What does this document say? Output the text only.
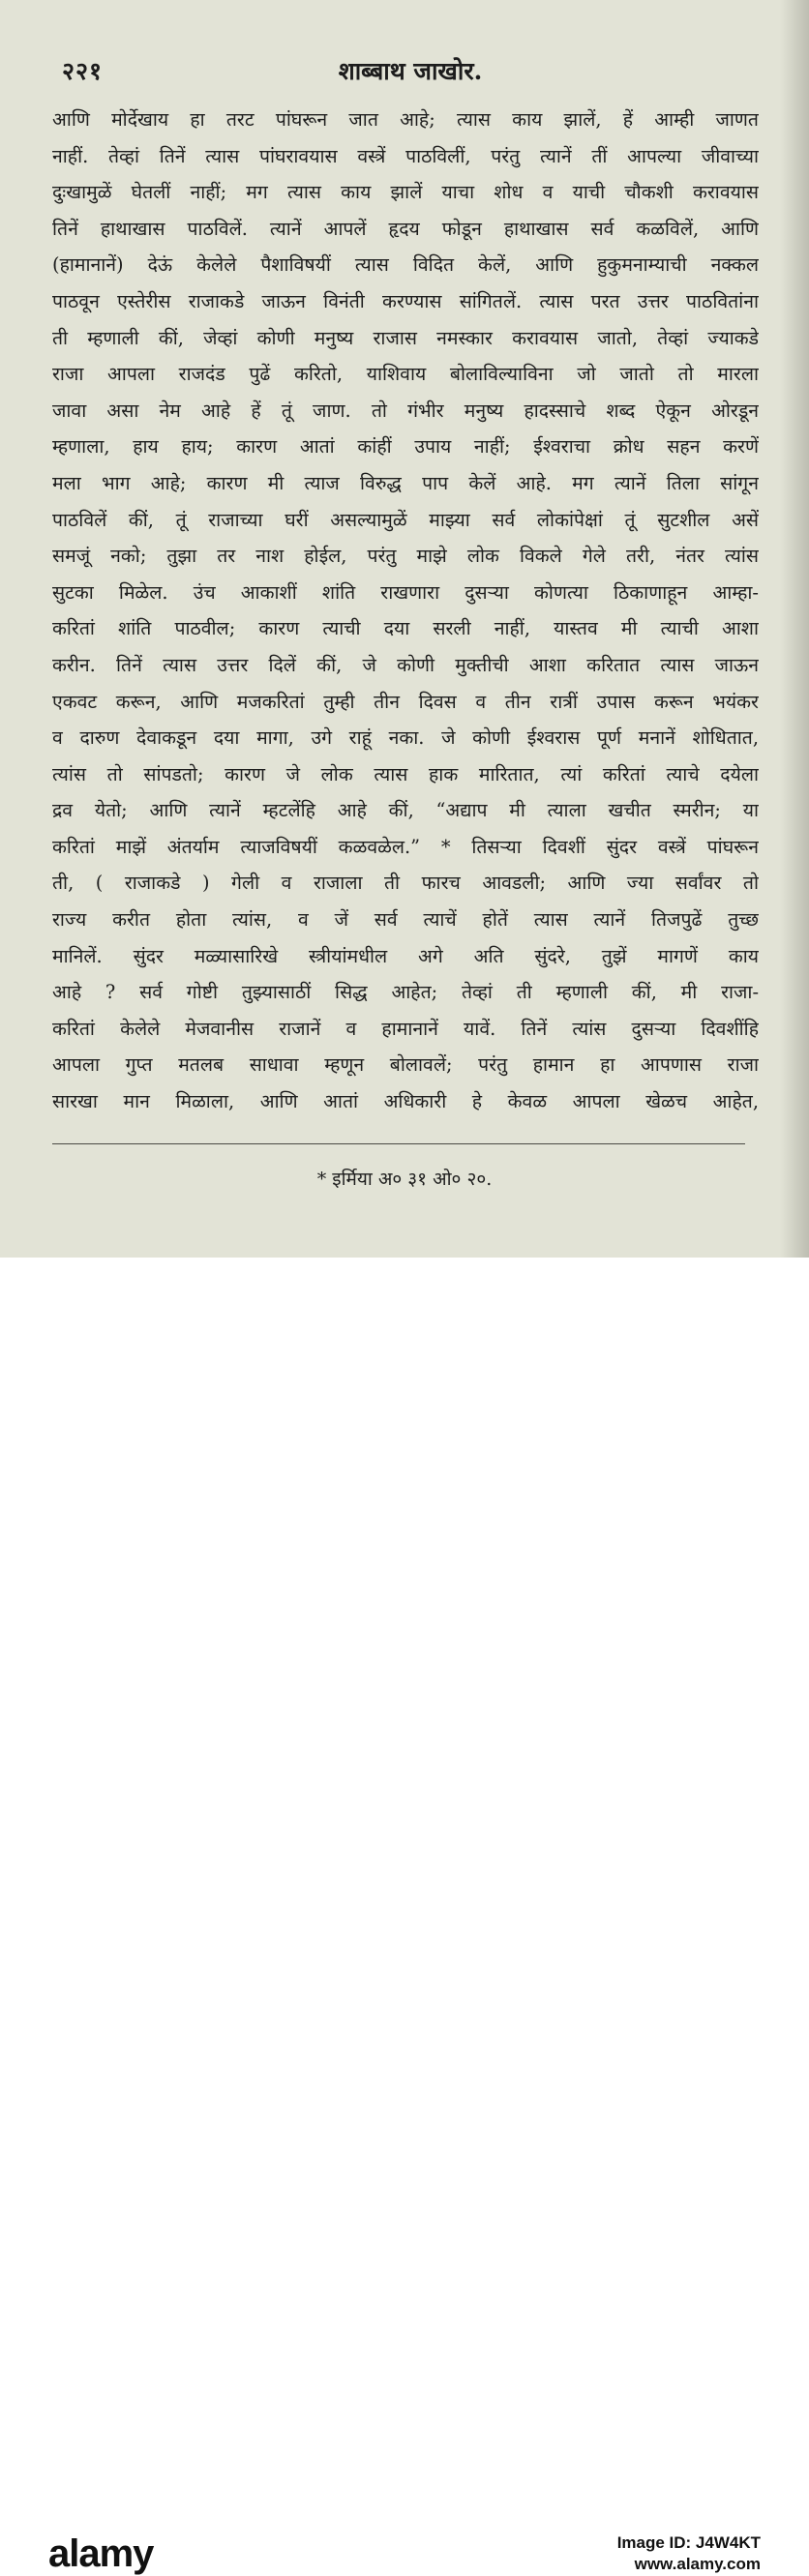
२२१	शाब्बाथ जाखोर.
आणि मोर्देखाय हा तरट पांघरून जात आहे; त्यास काय झालें, हें आम्ही जाणत
नाहीं. तेव्हां तिनें त्यास पांघरावयास वस्त्रें पाठविलीं, परंतु त्यानें तीं आपल्या जीवाच्या
दुःखामुळें घेतलीं नाहीं; मग त्यास काय झालें याचा शोध व याची चौकशी करावयास
तिनें हाथाखास पाठविलें. त्यानें आपलें हृदय फोडून हाथाखास सर्व कळविलें, आणि
(हामानानें) देऊं केलेले पैशाविषयीं त्यास विदित केलें, आणि हुकुमनाम्याची नक्कल
पाठवून एस्तेरीस राजाकडे जाऊन विनंती करण्यास सांगितलें. त्यास परत उत्तर पाठवितांना
ती म्हणाली कीं, जेव्हां कोणी मनुष्य राजास नमस्कार करावयास जातो, तेव्हां ज्याकडे
राजा आपला राजदंड पुढें करितो, याशिवाय बोलाविल्याविना जो जातो तो मारला
जावा असा नेम आहे हें तूं जाण. तो गंभीर मनुष्य हादस्साचे शब्द ऐकून ओरडून
म्हणाला, हाय हाय; कारण आतां कांहीं उपाय नाहीं; ईश्वराचा क्रोध सहन करणें
मला भाग आहे; कारण मी त्याज विरुद्ध पाप केलें आहे. मग त्यानें तिला सांगून
पाठविलें कीं, तूं राजाच्या घरीं असल्यामुळें माझ्या सर्व लोकांपेक्षां तूं सुटशील असें
समजूं नको; तुझा तर नाश होईल, परंतु माझे लोक विकले गेले तरी, नंतर त्यांस
सुटका मिळेल. उंच आकाशीं शांति राखणारा दुसऱ्या कोणत्या ठिकाणाहून आम्हा-
करितां शांति पाठवील; कारण त्याची दया सरली नाहीं, यास्तव मी त्याची आशा
करीन. तिनें त्यास उत्तर दिलें कीं, जे कोणी मुक्तीची आशा करितात त्यास जाऊन
एकवट करून, आणि मजकरितां तुम्ही तीन दिवस व तीन रात्रीं उपास करून भयंकर
व दारुण देवाकडून दया मागा, उगे राहूं नका. जे कोणी ईश्वरास पूर्ण मनानें शोधितात,
त्यांस तो सांपडतो; कारण जे लोक त्यास हाक मारितात, त्यां करितां त्याचे दयेला
द्रव येतो; आणि त्यानें म्हटलेंहि आहे कीं, “अद्याप मी त्याला खचीत स्मरीन; या
करितां माझें अंतर्याम त्याजविषयीं कळवळेल.” * तिसऱ्या दिवशीं सुंदर वस्त्रें पांघरून
ती, ( राजाकडे ) गेली व राजाला ती फारच आवडली; आणि ज्या सर्वांवर तो
राज्य करीत होता त्यांस, व जें सर्व त्याचें होतें त्यास त्यानें तिजपुढें तुच्छ
मानिलें. सुंदर मळ्यासारिखे स्त्रीयांमधील अगे अति सुंदरे, तुझें मागणें काय
आहे ? सर्व गोष्टी तुझ्यासाठीं सिद्ध आहेत; तेव्हां ती म्हणाली कीं, मी राजा-
करितां केलेले मेजवानीस राजानें व हामानानें यावें. तिनें त्यांस दुसऱ्या दिवशींहि
आपला गुप्त मतलब साधावा म्हणून बोलावलें; परंतु हामान हा आपणास राजा
सारखा मान मिळाला, आणि आतां अधिकारी हे केवळ आपला खेळच आहेत,
* इर्मिया अ० ३१ ओ० २०.
alamy	Image ID: J4W4KT
www.alamy.com
